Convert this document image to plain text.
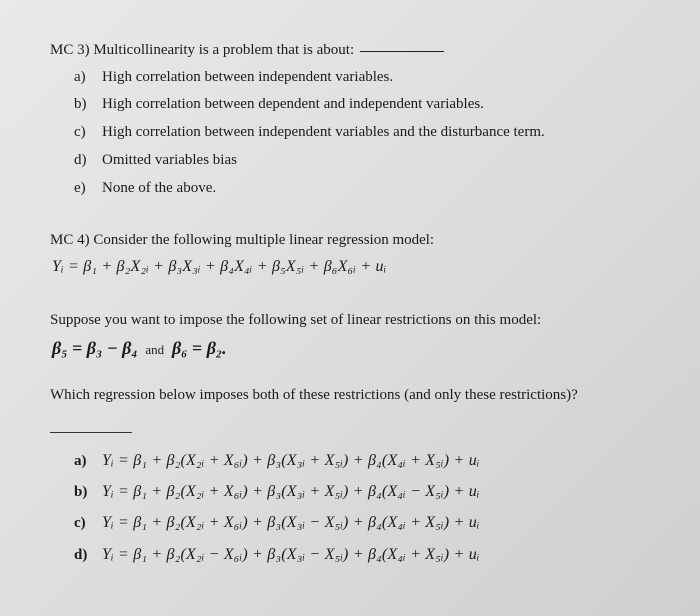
MC 3) Multicollinearity is a problem that is about:
a) High correlation between independent variables.
b) High correlation between dependent and independent variables.
c) High correlation between independent variables and the disturbance term.
d) Omitted variables bias
e) None of the above.
MC 4) Consider the following multiple linear regression model:
Yᵢ = β₁ + β₂X₂ᵢ + β₃X₃ᵢ + β₄X₄ᵢ + β₅X₅ᵢ + β₆X₆ᵢ + uᵢ
Suppose you want to impose the following set of linear restrictions on this model:
β₅ = β₃ − β₄ and β₆ = β₂.
Which regression below imposes both of these restrictions (and only these restrictions)?
a) Yᵢ = β₁ + β₂(X₂ᵢ + X₆ᵢ) + β₃(X₃ᵢ + X₅ᵢ) + β₄(X₄ᵢ + X₅ᵢ) + uᵢ
b) Yᵢ = β₁ + β₂(X₂ᵢ + X₆ᵢ) + β₃(X₃ᵢ + X₅ᵢ) + β₄(X₄ᵢ − X₅ᵢ) + uᵢ
c) Yᵢ = β₁ + β₂(X₂ᵢ + X₆ᵢ) + β₃(X₃ᵢ − X₅ᵢ) + β₄(X₄ᵢ + X₅ᵢ) + uᵢ
d) Yᵢ = β₁ + β₂(X₂ᵢ − X₆ᵢ) + β₃(X₃ᵢ − X₅ᵢ) + β₄(X₄ᵢ + X₅ᵢ) + uᵢ
